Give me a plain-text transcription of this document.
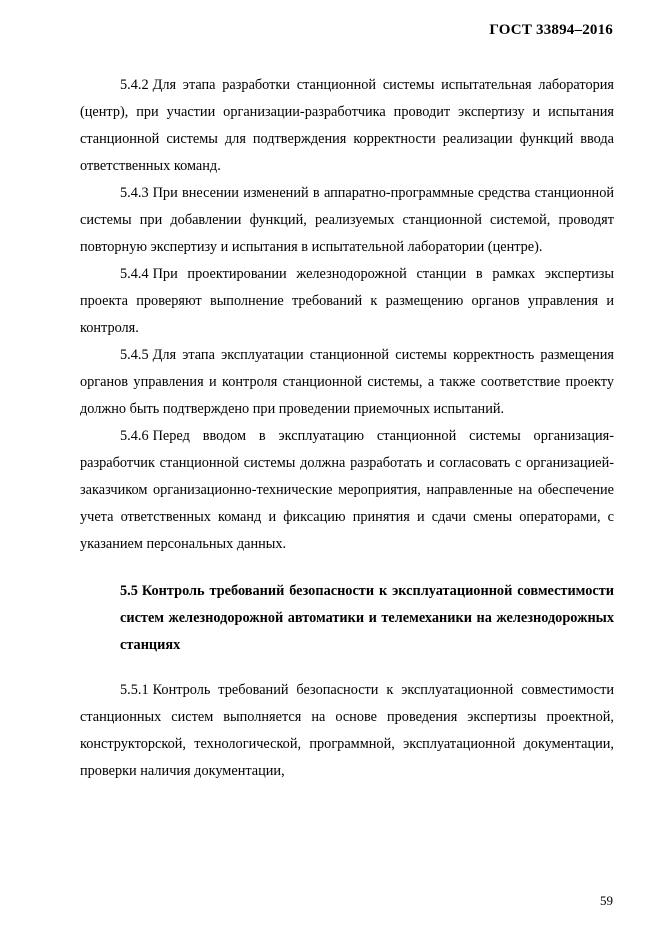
ГОСТ 33894–2016

5.4.2 Для этапа разработки станционной системы испытательная лаборатория (центр), при участии организации-разработчика проводит экспертизу и испытания станционной системы для подтверждения корректности реализации функций ввода ответственных команд.

5.4.3 При внесении изменений в аппаратно-программные средства станционной системы при добавлении функций, реализуемых станционной системой, проводят повторную экспертизу и испытания в испытательной лаборатории (центре).

5.4.4 При проектировании железнодорожной станции в рамках экспертизы проекта проверяют выполнение требований к размещению органов управления и контроля.

5.4.5 Для этапа эксплуатации станционной системы корректность размещения органов управления и контроля станционной системы, а также соответствие проекту должно быть подтверждено при проведении приемочных испытаний.

5.4.6 Перед вводом в эксплуатацию станционной системы организация-разработчик станционной системы должна разработать и согласовать с организацией-заказчиком организационно-технические мероприятия, направленные на обеспечение учета ответственных команд и фиксацию принятия и сдачи смены операторами, с указанием персональных данных.

5.5 Контроль требований безопасности к эксплуатационной совместимости систем железнодорожной автоматики и телемеханики на железнодорожных станциях

5.5.1 Контроль требований безопасности к эксплуатационной совместимости станционных систем выполняется на основе проведения экспертизы проектной, конструкторской, технологической, программной, эксплуатационной документации, проверки наличия документации,

59
